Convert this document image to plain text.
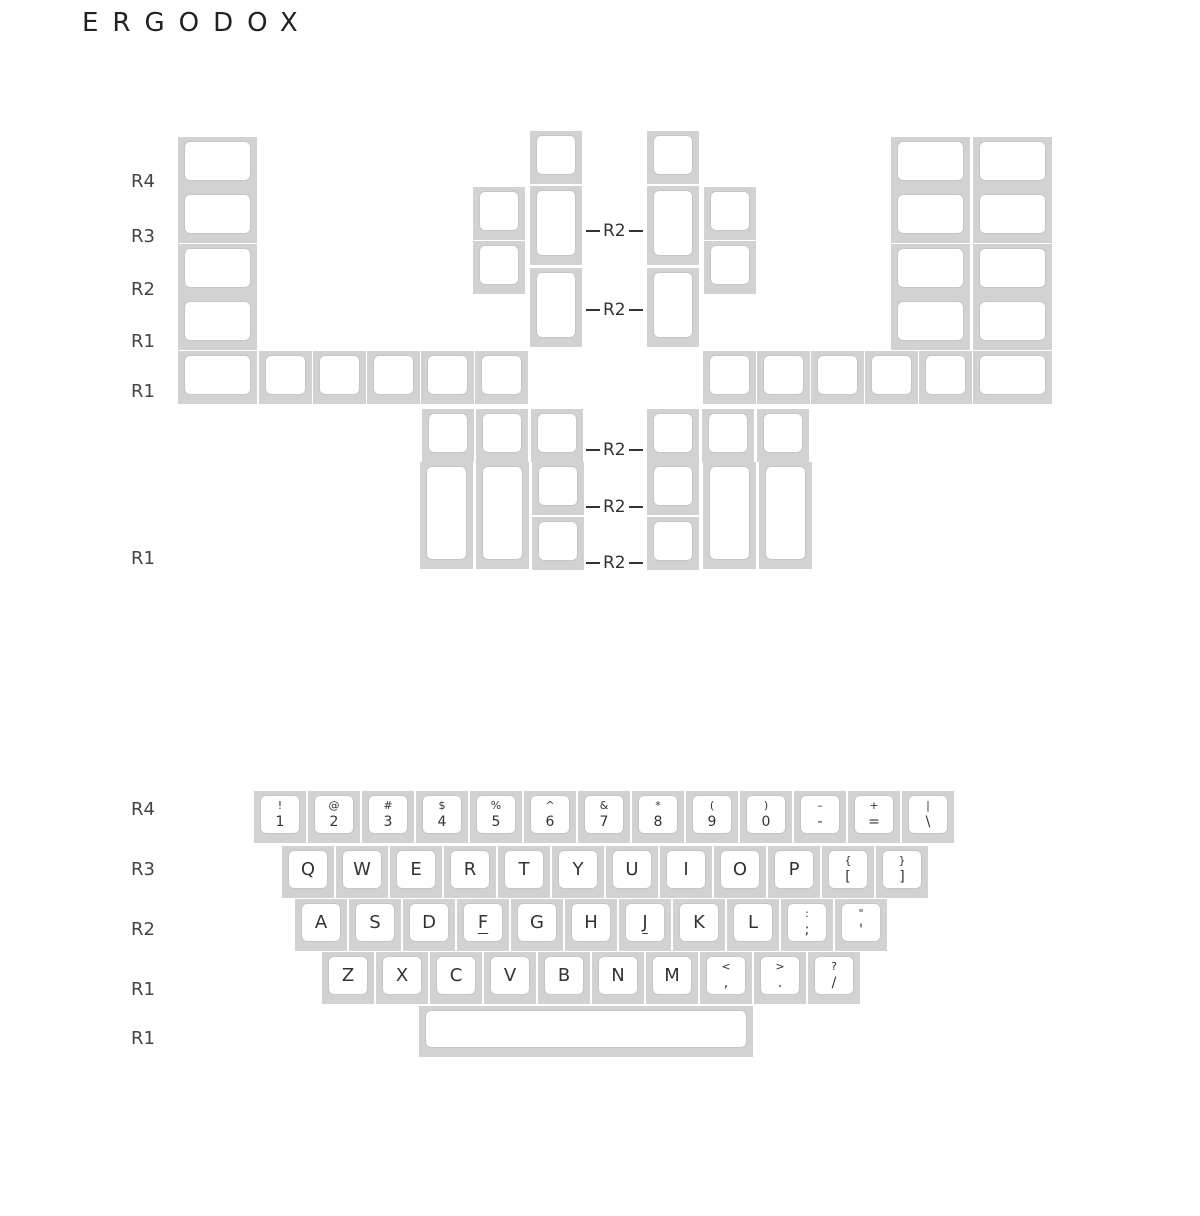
ERGODOX
R4
R3
R2
R1
R1
R1
R2
R2
R2
R2
R2
R4
R3
R2
R1
R1
!
1
@
2
#
3
$
4
%
5
^
6
&
7
*
8
(
9
)
0
–
-
+
=
|
\
Q W E R T Y U I O P	{
[
}
]
A S D F G H J	K L	:
;
"
'
Z X C V B N M	<
,
>
.
?
/
